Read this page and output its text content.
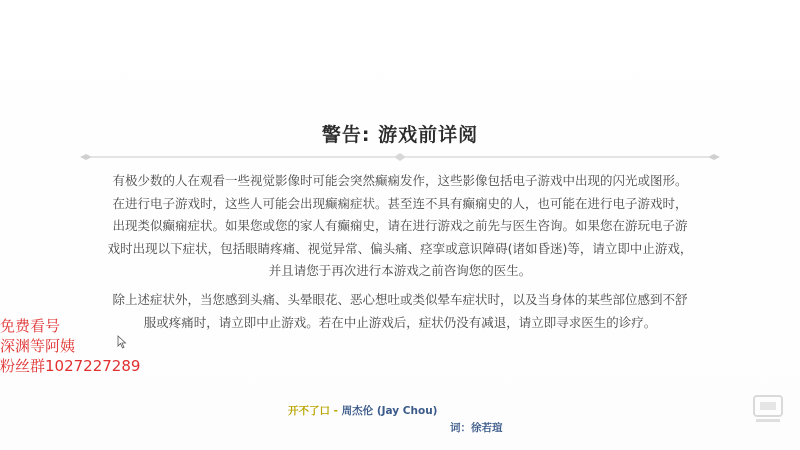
警告: 游戏前详阅
有极少数的人在观看一些视觉影像时可能会突然癫痫发作，这些影像包括电子游戏中出现的闪光或图形。
在进行电子游戏时，这些人可能会出现癫痫症状。甚至连不具有癫痫史的人，也可能在进行电子游戏时，
出现类似癫痫症状。如果您或您的家人有癫痫史，请在进行游戏之前先与医生咨询。如果您在游玩电子游
戏时出现以下症状，包括眼睛疼痛、视觉异常、偏头痛、痉挛或意识障碍(诸如昏迷)等，请立即中止游戏，
并且请您于再次进行本游戏之前咨询您的医生。
除上述症状外，当您感到头痛、头晕眼花、恶心想吐或类似晕车症状时，以及当身体的某些部位感到不舒
服或疼痛时，请立即中止游戏。若在中止游戏后，症状仍没有减退，请立即寻求医生的诊疗。
免费看号
深渊等阿姨
粉丝群1027227289
开不了口 - 周杰伦 (Jay Chou)
词：徐若瑄
